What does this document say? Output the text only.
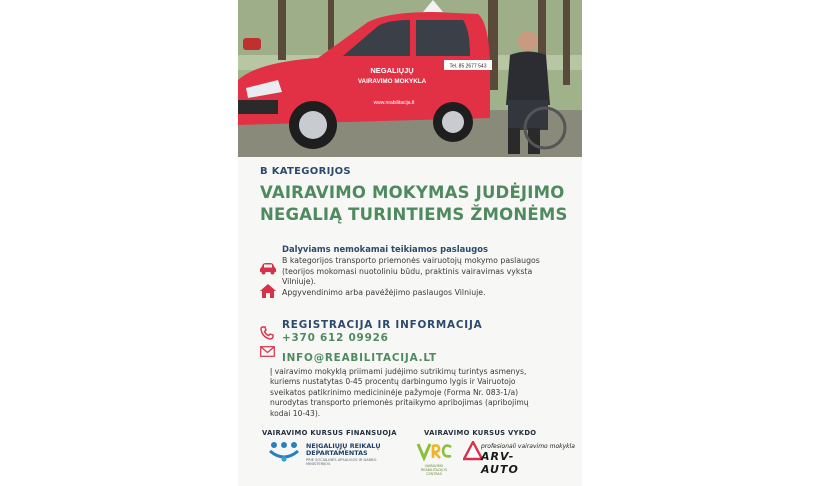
NEGALIŲJŲ
VAIRAVIMO MOKYKLA
www.reabilitacija.lt
Tel. 85 2677 543
B KATEGORIJOS
VAIRAVIMO MOKYMAS JUDĖJIMO
NEGALIĄ TURINTIEMS ŽMONĖMS
Dalyviams nemokamai teikiamos paslaugos
B kategorijos transporto priemonės vairuotojų mokymo paslaugos
(teorijos mokomasi nuotoliniu būdu, praktinis vairavimas vyksta
Vilniuje).
Apgyvendinimo arba pavėžėjimo paslaugos Vilniuje.
REGISTRACIJA IR INFORMACIJA
+370 612 09926
INFO@REABILITACIJA.LT

Į vairavimo mokyklą priimami judėjimo sutrikimų turintys asmenys,

kuriems nustatytas 0-45 procentų darbingumo lygis ir Vairuotojo

sveikatos patikrinimo medicininėje pažymoje (Forma Nr. 083-1/a)

nurodytas transporto priemonės pritaikymo apribojimas (apribojimų

kodai 10-43).

VAIRAVIMO KURSUS FINANSUOJA	VAIRAVIMO KURSUS VYKDO
NEĮGALIŲJŲ REIKALŲ
DEPARTAMENTAS
PRIE SOCIALINĖS APSAUGOS IR DARBO MINISTERIJOS	VAIRAVIMO REABILITACIJOS CENTRAS
profesionali vairavimo mokykla
ARV-AUTO
